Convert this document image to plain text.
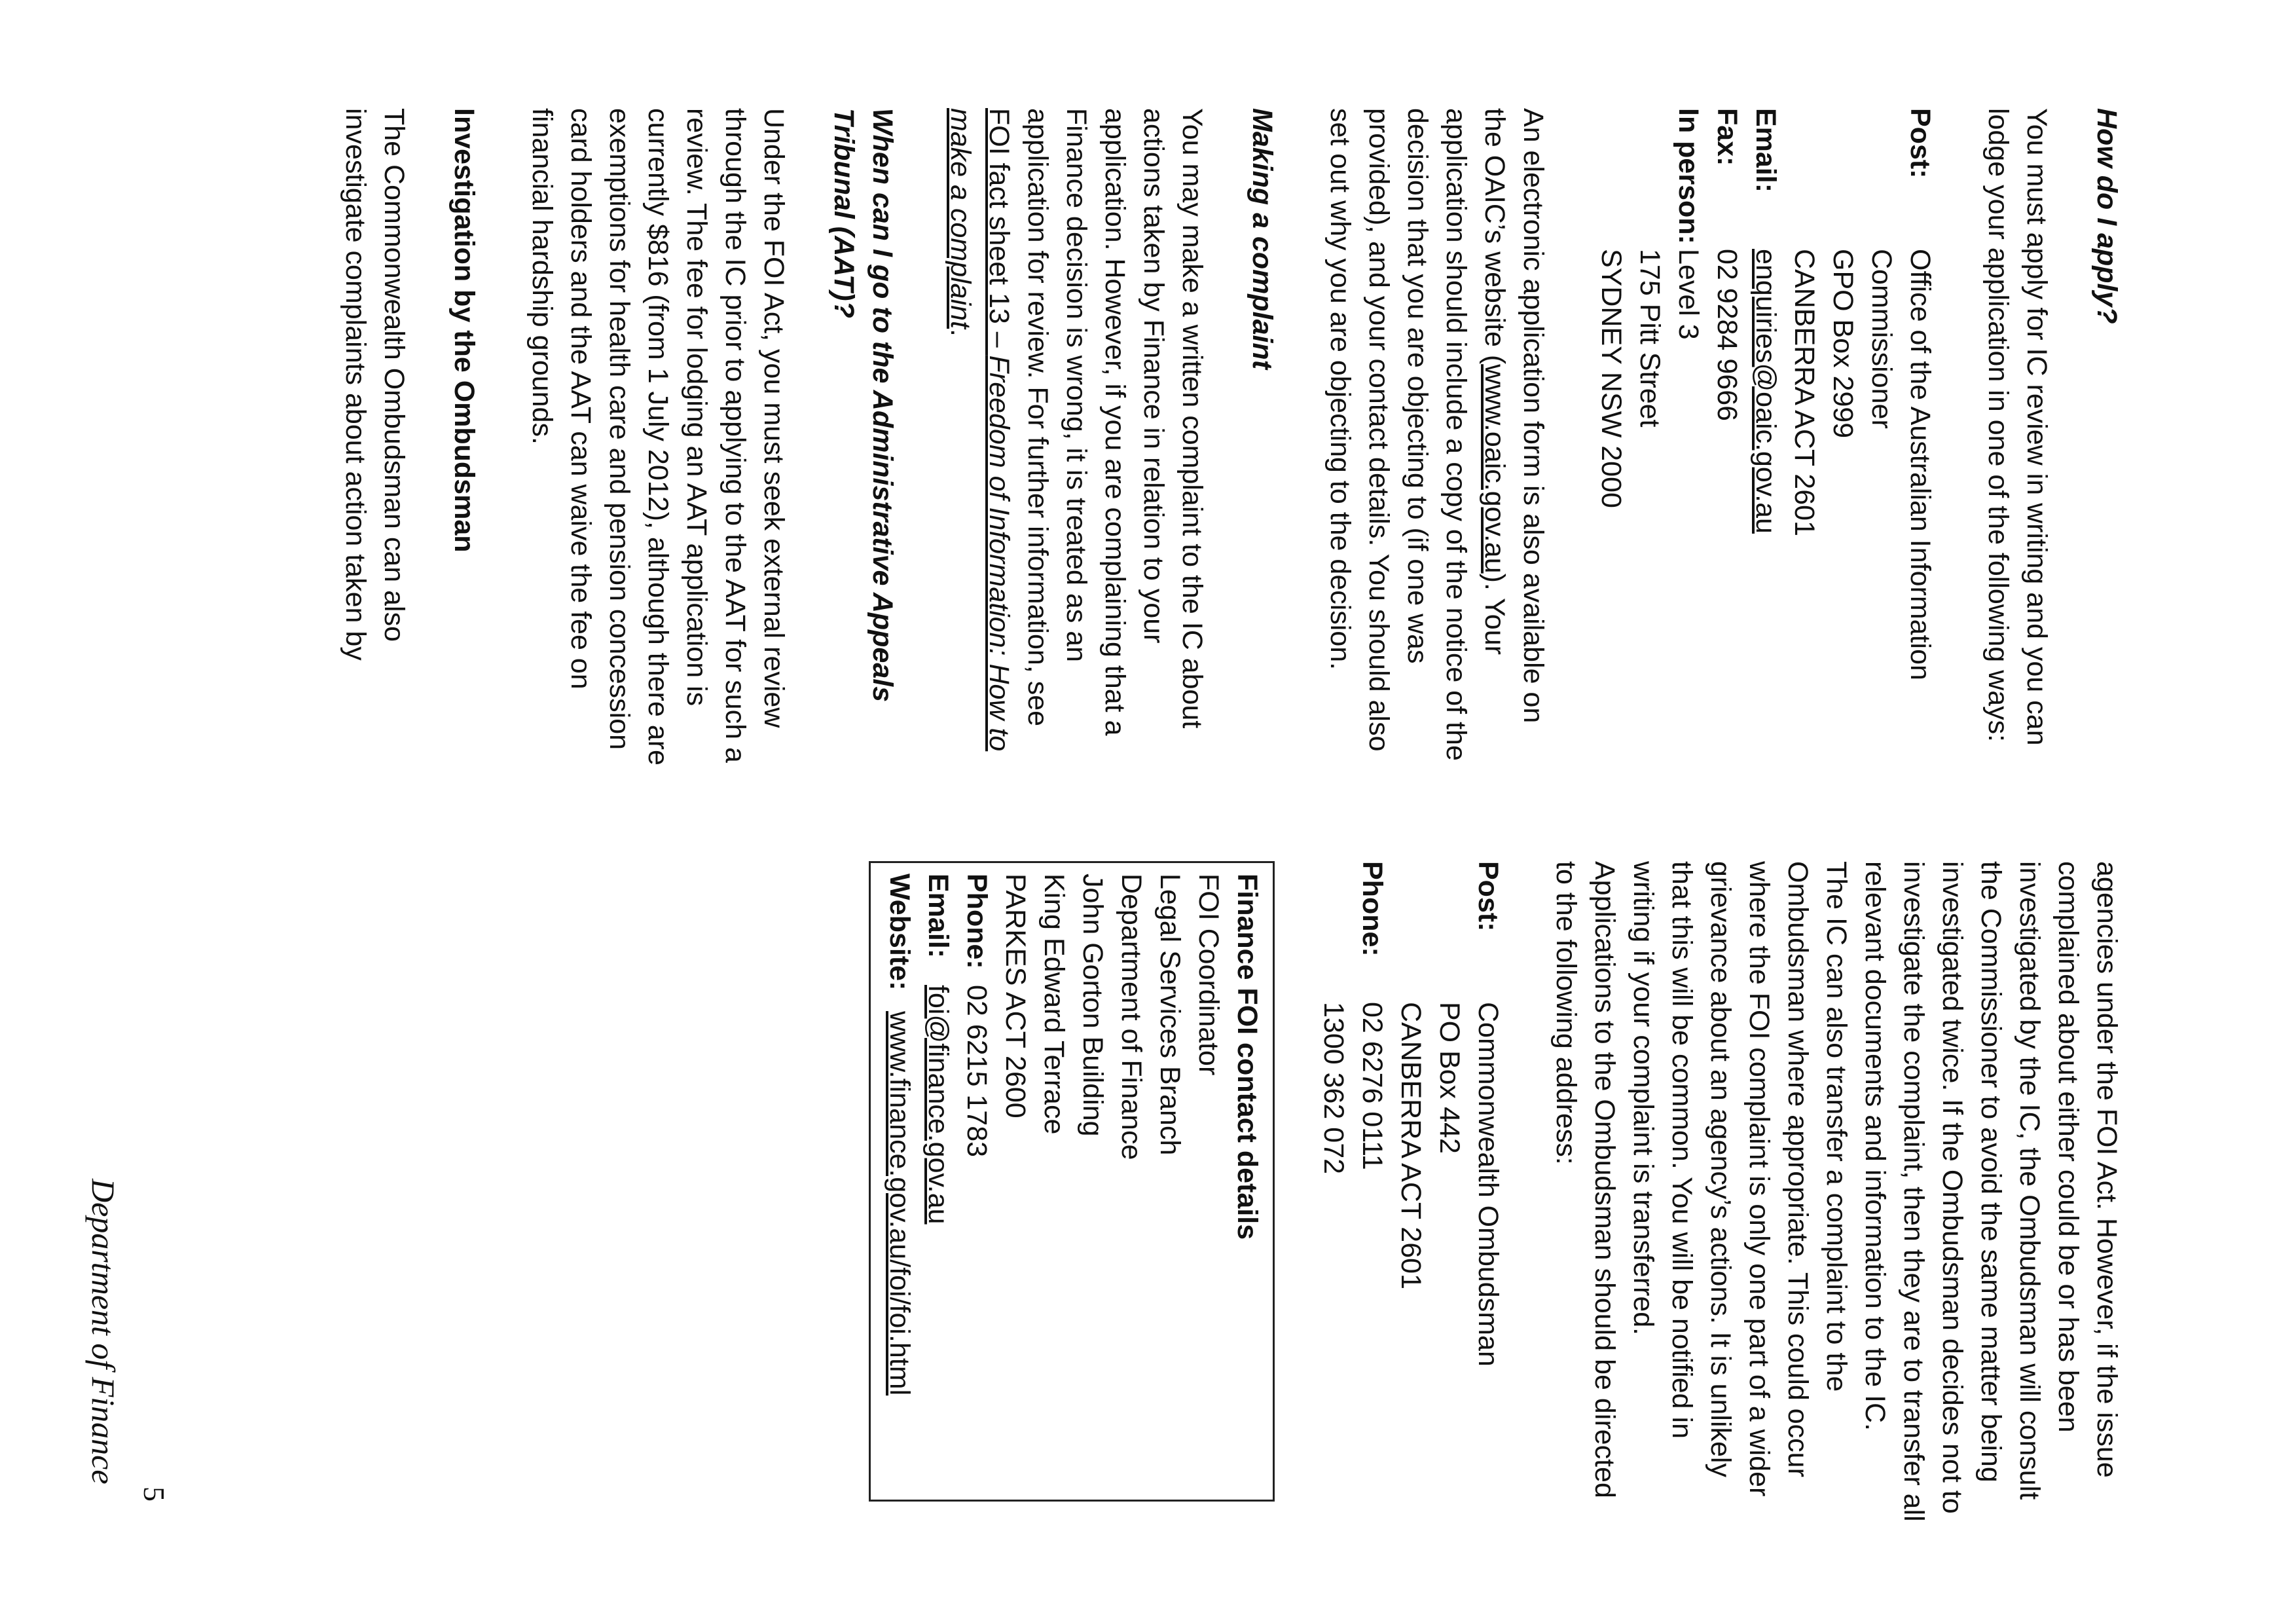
How do I apply?

You must apply for IC review in writing and you can lodge your application in one of the following ways:

Post:	Office of the Australian Information
Commissioner
GPO Box 2999
CANBERRA ACT 2601
Email:	enquiries@oaic.gov.au
Fax:	02 9284 9666
In person:	Level 3
175 Pitt Street
SYDNEY NSW 2000

An electronic application form is also available on the OAIC’s website (www.oaic.gov.au). Your application should include a copy of the notice of the decision that you are objecting to (if one was provided), and your contact details. You should also set out why you are objecting to the decision.

Making a complaint

You may make a written complaint to the IC about actions taken by Finance in relation to your application. However, if you are complaining that a Finance decision is wrong, it is treated as an application for review. For further information, see FOI fact sheet 13 – Freedom of Information: How to make a complaint.

When can I go to the Administrative Appeals Tribunal (AAT)?

Under the FOI Act, you must seek external review through the IC prior to applying to the AAT for such a review. The fee for lodging an AAT application is currently $816 (from 1 July 2012), although there are exemptions for health care and pension concession card holders and the AAT can waive the fee on financial hardship grounds.

Investigation by the Ombudsman

The Commonwealth Ombudsman can also investigate complaints about action taken by

agencies under the FOI Act. However, if the issue complained about either could be or has been investigated by the IC, the Ombudsman will consult the Commissioner to avoid the same matter being investigated twice. If the Ombudsman decides not to investigate the complaint, then they are to transfer all relevant documents and information to the IC.

The IC can also transfer a complaint to the Ombudsman where appropriate. This could occur where the FOI complaint is only one part of a wider grievance about an agency’s actions. It is unlikely that this will be common. You will be notified in writing if your complaint is transferred.

Applications to the Ombudsman should be directed to the following address:

Post:	Commonwealth Ombudsman
PO Box 442
CANBERRA ACT 2601
Phone:	02 6276 0111
1300 362 072
Finance FOI contact details
FOI Coordinator
Legal Services Branch
Department of Finance
John Gorton Building
King Edward Terrace
PARKES ACT 2600
Phone:02 6215 1783
Email:foi@finance.gov.au
Website:www.finance.gov.au/foi/foi.html
5
Department of Finance
